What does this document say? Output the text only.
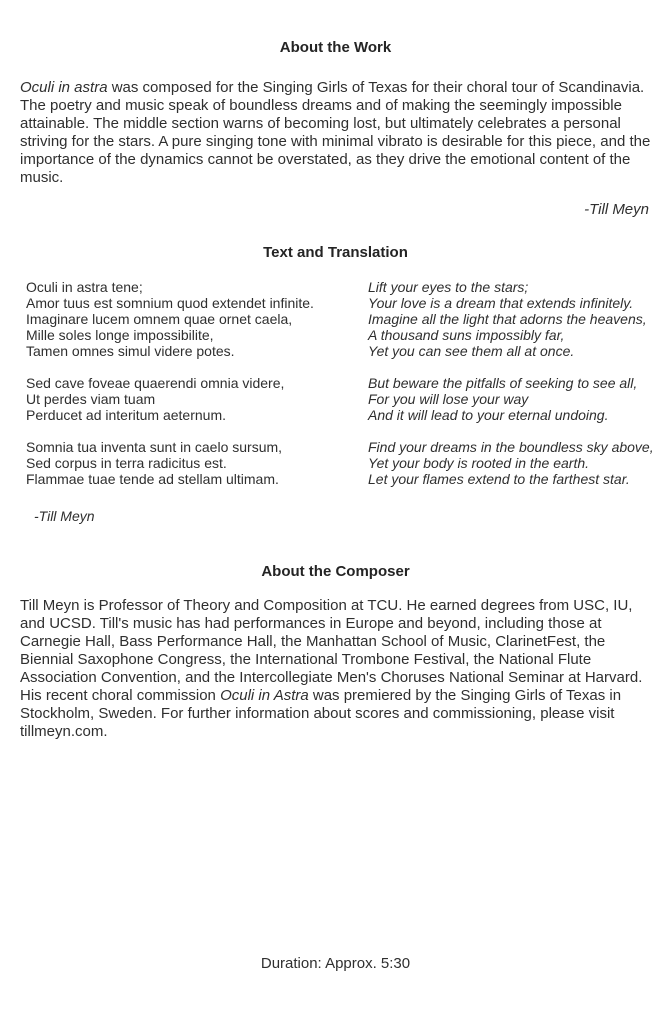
About the Work

Oculi in astra was composed for the Singing Girls of Texas for their choral tour of Scandinavia. The poetry and music speak of boundless dreams and of making the seemingly impossible attainable. The middle section warns of becoming lost, but ultimately celebrates a personal striving for the stars. A pure singing tone with minimal vibrato is desirable for this piece, and the importance of the dynamics cannot be overstated, as they drive the emotional content of the music.

-Till Meyn
Text and Translation
Oculi in astra tene;
Amor tuus est somnium quod extendet infinite.
Imaginare lucem omnem quae ornet caela,
Mille soles longe impossibilite,
Tamen omnes simul videre potes.
Sed cave foveae quaerendi omnia videre,
Ut perdes viam tuam
Perducet ad interitum aeternum.
Somnia tua inventa sunt in caelo sursum,
Sed corpus in terra radicitus est.
Flammae tuae tende ad stellam ultimam.
Lift your eyes to the stars;
Your love is a dream that extends infinitely.
Imagine all the light that adorns the heavens,
A thousand suns impossibly far,
Yet you can see them all at once.
But beware the pitfalls of seeking to see all,
For you will lose your way
And it will lead to your eternal undoing.
Find your dreams in the boundless sky above,
Yet your body is rooted in the earth.
Let your flames extend to the farthest star.
-Till Meyn
About the Composer

Till Meyn is Professor of Theory and Composition at TCU. He earned degrees from USC, IU, and UCSD. Till's music has had performances in Europe and beyond, including those at Carnegie Hall, Bass Performance Hall, the Manhattan School of Music, ClarinetFest, the Biennial Saxophone Congress, the International Trombone Festival, the National Flute Association Convention, and the Intercollegiate Men's Choruses National Seminar at Harvard. His recent choral commission Oculi in Astra was premiered by the Singing Girls of Texas in Stockholm, Sweden. For further information about scores and commissioning, please visit tillmeyn.com.

Duration: Approx. 5:30
